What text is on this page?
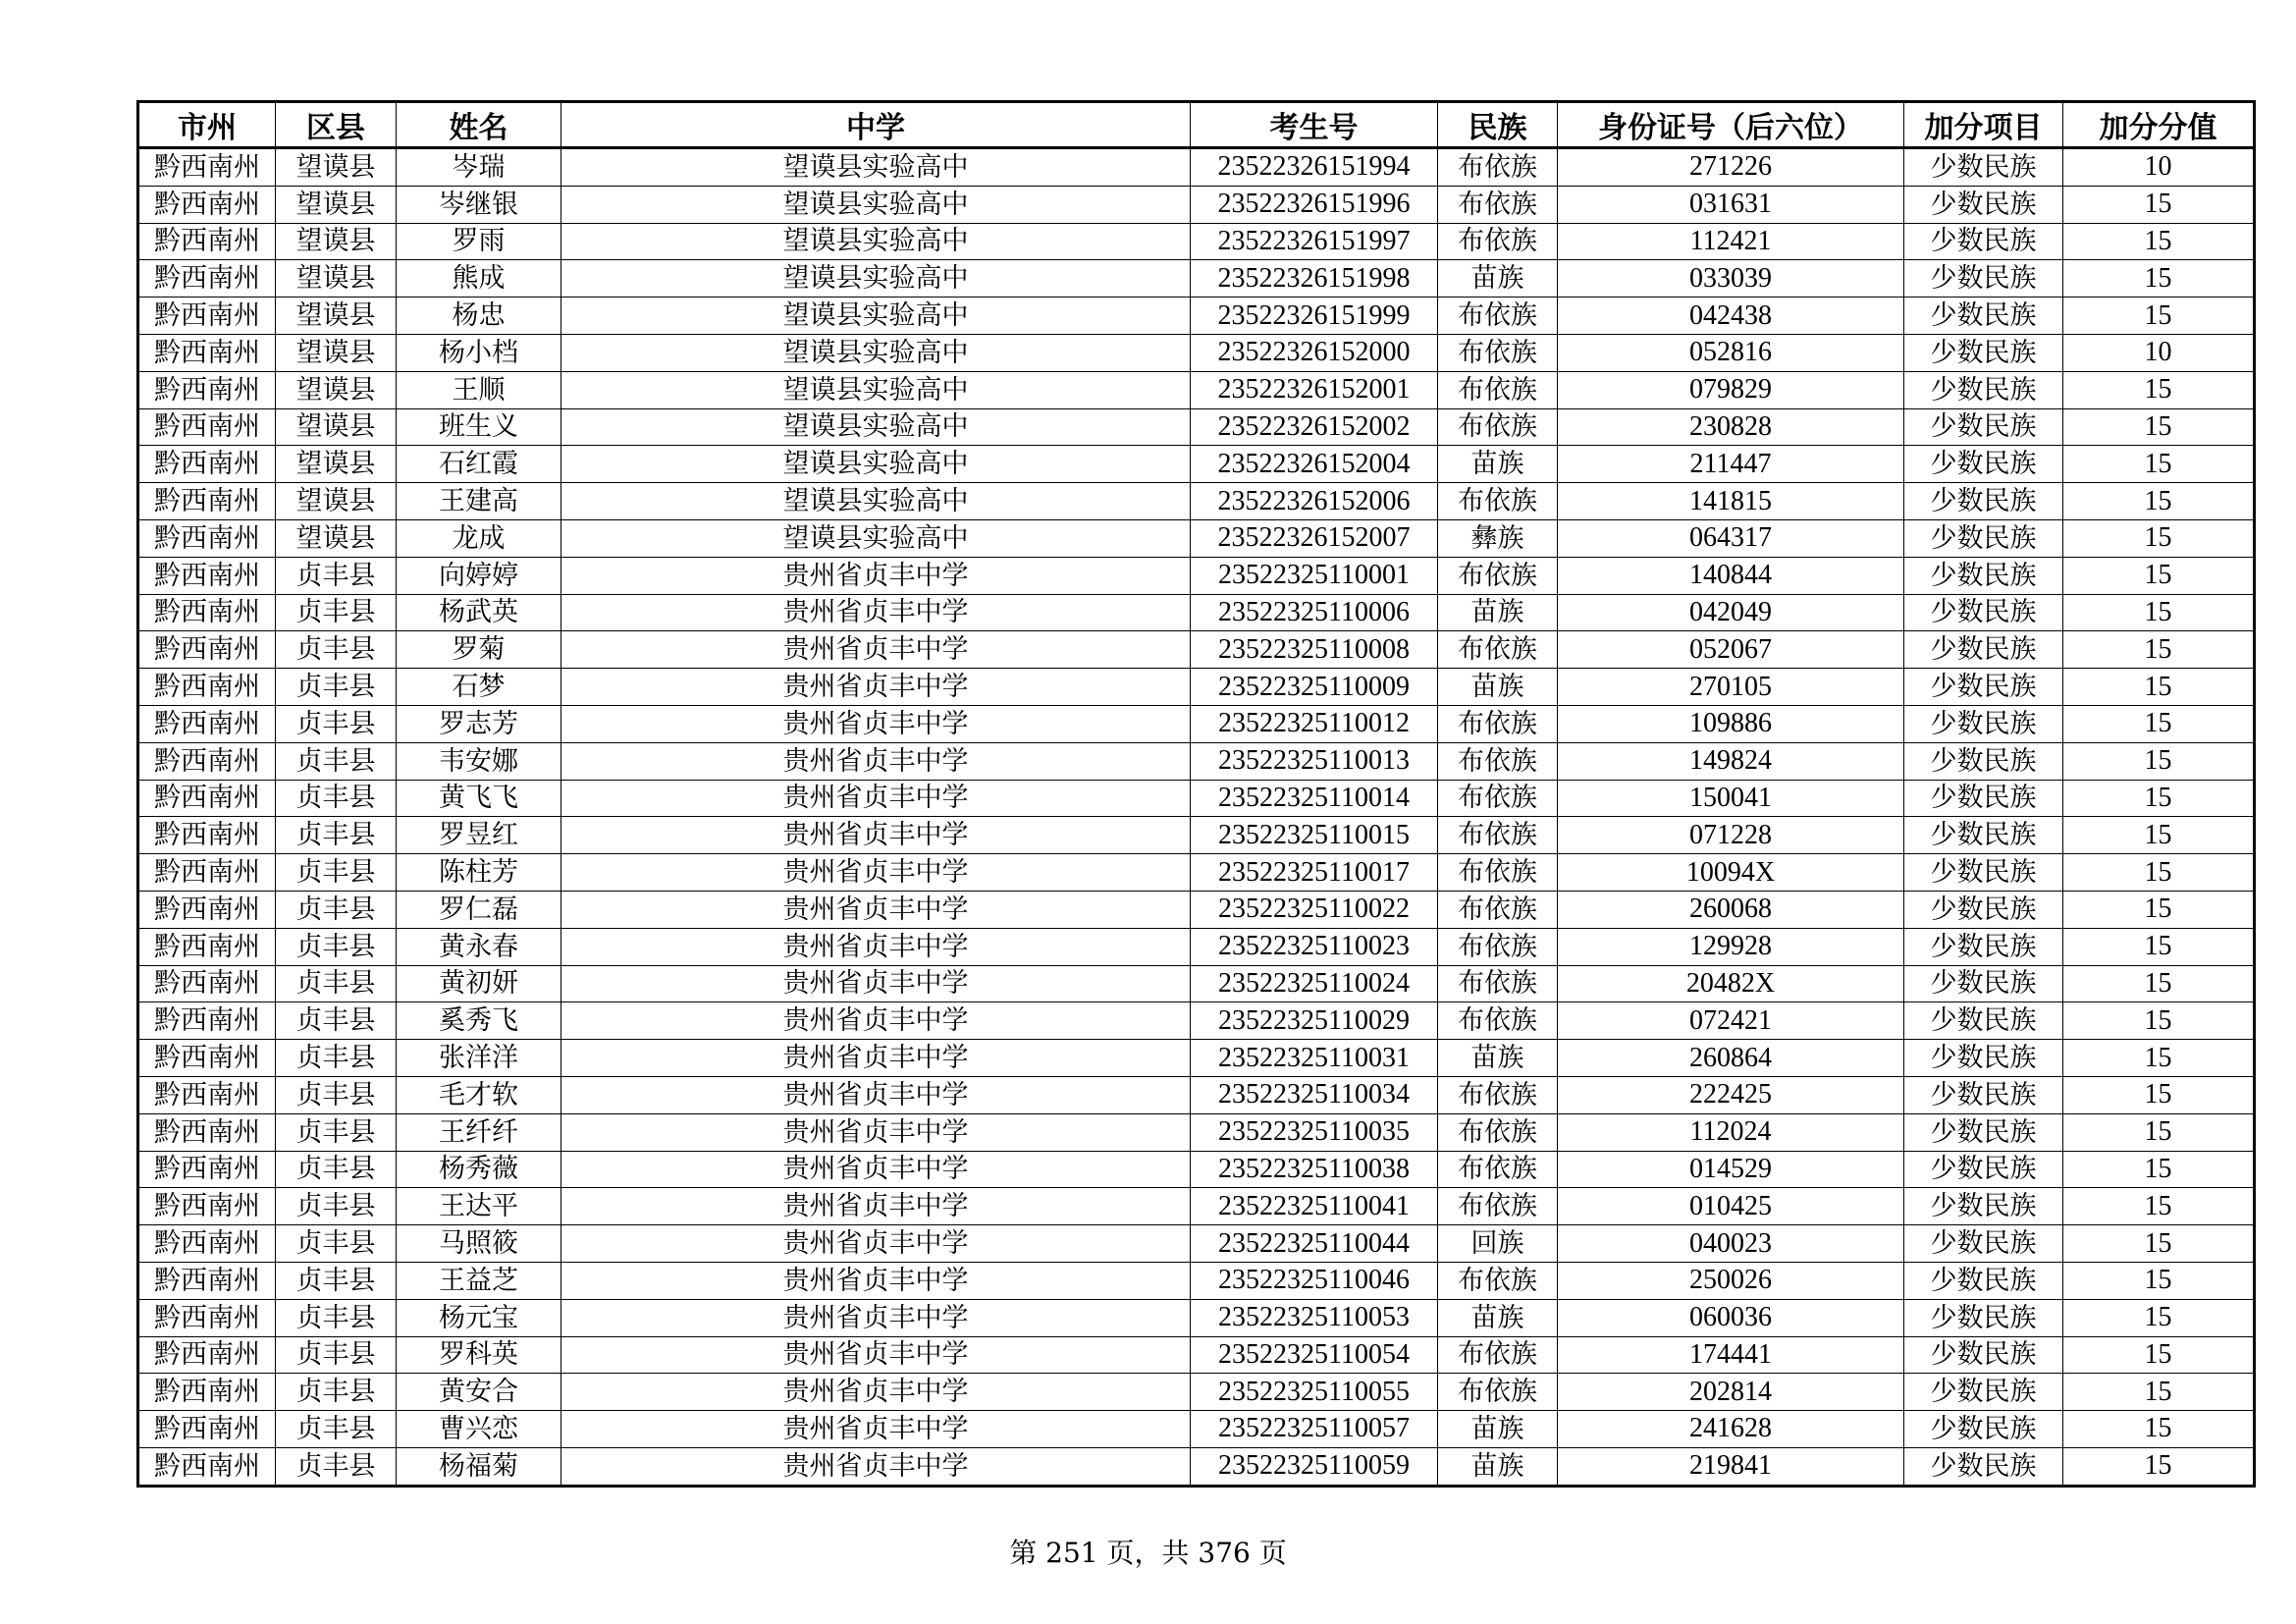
市州	区县	姓名	中学	考生号	民族	身份证号（后六位）	加分项目	加分分值
黔西南州	望谟县	岑瑞	望谟县实验高中	23522326151994	布依族	271226	少数民族	10
黔西南州	望谟县	岑继银	望谟县实验高中	23522326151996	布依族	031631	少数民族	15
黔西南州	望谟县	罗雨	望谟县实验高中	23522326151997	布依族	112421	少数民族	15
黔西南州	望谟县	熊成	望谟县实验高中	23522326151998	苗族	033039	少数民族	15
黔西南州	望谟县	杨忠	望谟县实验高中	23522326151999	布依族	042438	少数民族	15
黔西南州	望谟县	杨小档	望谟县实验高中	23522326152000	布依族	052816	少数民族	10
黔西南州	望谟县	王顺	望谟县实验高中	23522326152001	布依族	079829	少数民族	15
黔西南州	望谟县	班生义	望谟县实验高中	23522326152002	布依族	230828	少数民族	15
黔西南州	望谟县	石红霞	望谟县实验高中	23522326152004	苗族	211447	少数民族	15
黔西南州	望谟县	王建高	望谟县实验高中	23522326152006	布依族	141815	少数民族	15
黔西南州	望谟县	龙成	望谟县实验高中	23522326152007	彝族	064317	少数民族	15
黔西南州	贞丰县	向婷婷	贵州省贞丰中学	23522325110001	布依族	140844	少数民族	15
黔西南州	贞丰县	杨武英	贵州省贞丰中学	23522325110006	苗族	042049	少数民族	15
黔西南州	贞丰县	罗菊	贵州省贞丰中学	23522325110008	布依族	052067	少数民族	15
黔西南州	贞丰县	石梦	贵州省贞丰中学	23522325110009	苗族	270105	少数民族	15
黔西南州	贞丰县	罗志芳	贵州省贞丰中学	23522325110012	布依族	109886	少数民族	15
黔西南州	贞丰县	韦安娜	贵州省贞丰中学	23522325110013	布依族	149824	少数民族	15
黔西南州	贞丰县	黄飞飞	贵州省贞丰中学	23522325110014	布依族	150041	少数民族	15
黔西南州	贞丰县	罗昱红	贵州省贞丰中学	23522325110015	布依族	071228	少数民族	15
黔西南州	贞丰县	陈柱芳	贵州省贞丰中学	23522325110017	布依族	10094X	少数民族	15
黔西南州	贞丰县	罗仁磊	贵州省贞丰中学	23522325110022	布依族	260068	少数民族	15
黔西南州	贞丰县	黄永春	贵州省贞丰中学	23522325110023	布依族	129928	少数民族	15
黔西南州	贞丰县	黄初妍	贵州省贞丰中学	23522325110024	布依族	20482X	少数民族	15
黔西南州	贞丰县	奚秀飞	贵州省贞丰中学	23522325110029	布依族	072421	少数民族	15
黔西南州	贞丰县	张洋洋	贵州省贞丰中学	23522325110031	苗族	260864	少数民族	15
黔西南州	贞丰县	毛才软	贵州省贞丰中学	23522325110034	布依族	222425	少数民族	15
黔西南州	贞丰县	王纤纤	贵州省贞丰中学	23522325110035	布依族	112024	少数民族	15
黔西南州	贞丰县	杨秀薇	贵州省贞丰中学	23522325110038	布依族	014529	少数民族	15
黔西南州	贞丰县	王达平	贵州省贞丰中学	23522325110041	布依族	010425	少数民族	15
黔西南州	贞丰县	马照筱	贵州省贞丰中学	23522325110044	回族	040023	少数民族	15
黔西南州	贞丰县	王益芝	贵州省贞丰中学	23522325110046	布依族	250026	少数民族	15
黔西南州	贞丰县	杨元宝	贵州省贞丰中学	23522325110053	苗族	060036	少数民族	15
黔西南州	贞丰县	罗科英	贵州省贞丰中学	23522325110054	布依族	174441	少数民族	15
黔西南州	贞丰县	黄安合	贵州省贞丰中学	23522325110055	布依族	202814	少数民族	15
黔西南州	贞丰县	曹兴恋	贵州省贞丰中学	23522325110057	苗族	241628	少数民族	15
黔西南州	贞丰县	杨福菊	贵州省贞丰中学	23522325110059	苗族	219841	少数民族	15
第 251 页，共 376 页
